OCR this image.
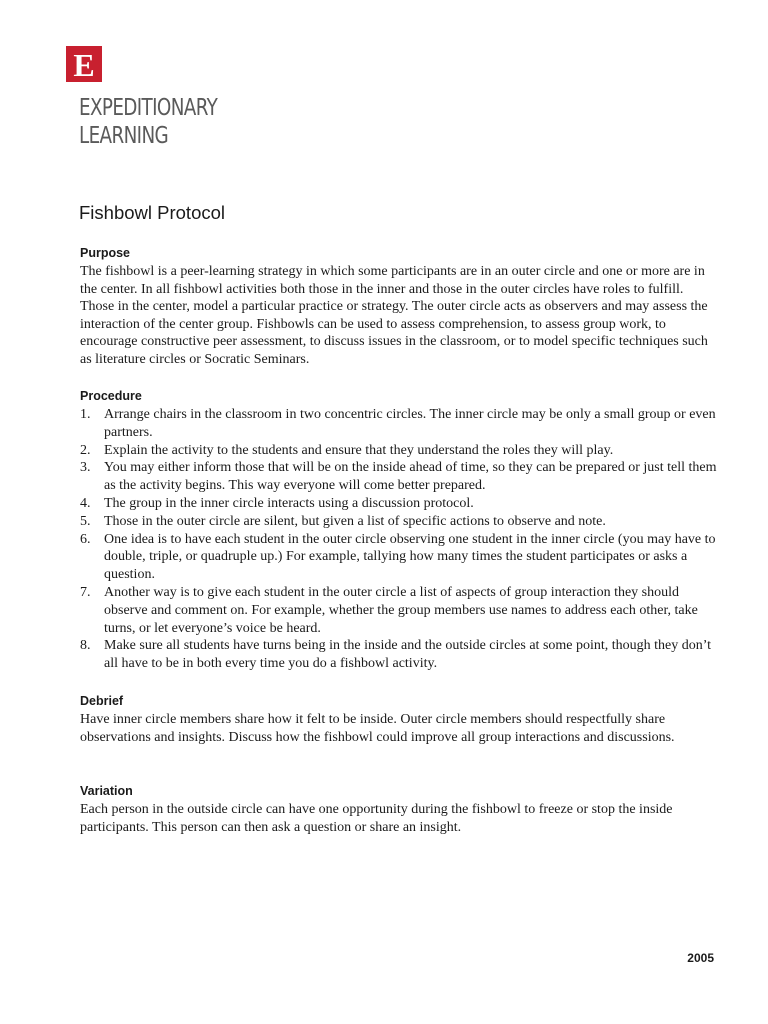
E
EXPEDITIONARY
LEARNING
Fishbowl Protocol
Purpose
The fishbowl is a peer-learning strategy in which some participants are in an outer circle and one or more are in the center. In all fishbowl activities both those in the inner and those in the outer circles have roles to fulfill. Those in the center, model a particular practice or strategy. The outer circle acts as observers and may assess the interaction of the center group. Fishbowls can be used to assess comprehension, to assess group work, to encourage constructive peer assessment, to discuss issues in the classroom, or to model specific techniques such as literature circles or Socratic Seminars.
Procedure
1. Arrange chairs in the classroom in two concentric circles. The inner circle may be only a small group or even partners.
2. Explain the activity to the students and ensure that they understand the roles they will play.
3. You may either inform those that will be on the inside ahead of time, so they can be prepared or just tell them as the activity begins. This way everyone will come better prepared.
4. The group in the inner circle interacts using a discussion protocol.
5. Those in the outer circle are silent, but given a list of specific actions to observe and note.
6. One idea is to have each student in the outer circle observing one student in the inner circle (you may have to double, triple, or quadruple up.) For example, tallying how many times the student participates or asks a question.
7. Another way is to give each student in the outer circle a list of aspects of group interaction they should observe and comment on. For example, whether the group members use names to address each other, take turns, or let everyone’s voice be heard.
8. Make sure all students have turns being in the inside and the outside circles at some point, though they don’t all have to be in both every time you do a fishbowl activity.
Debrief
Have inner circle members share how it felt to be inside. Outer circle members should respectfully share observations and insights. Discuss how the fishbowl could improve all group interactions and discussions.
Variation
Each person in the outside circle can have one opportunity during the fishbowl to freeze or stop the inside participants. This person can then ask a question or share an insight.
2005
